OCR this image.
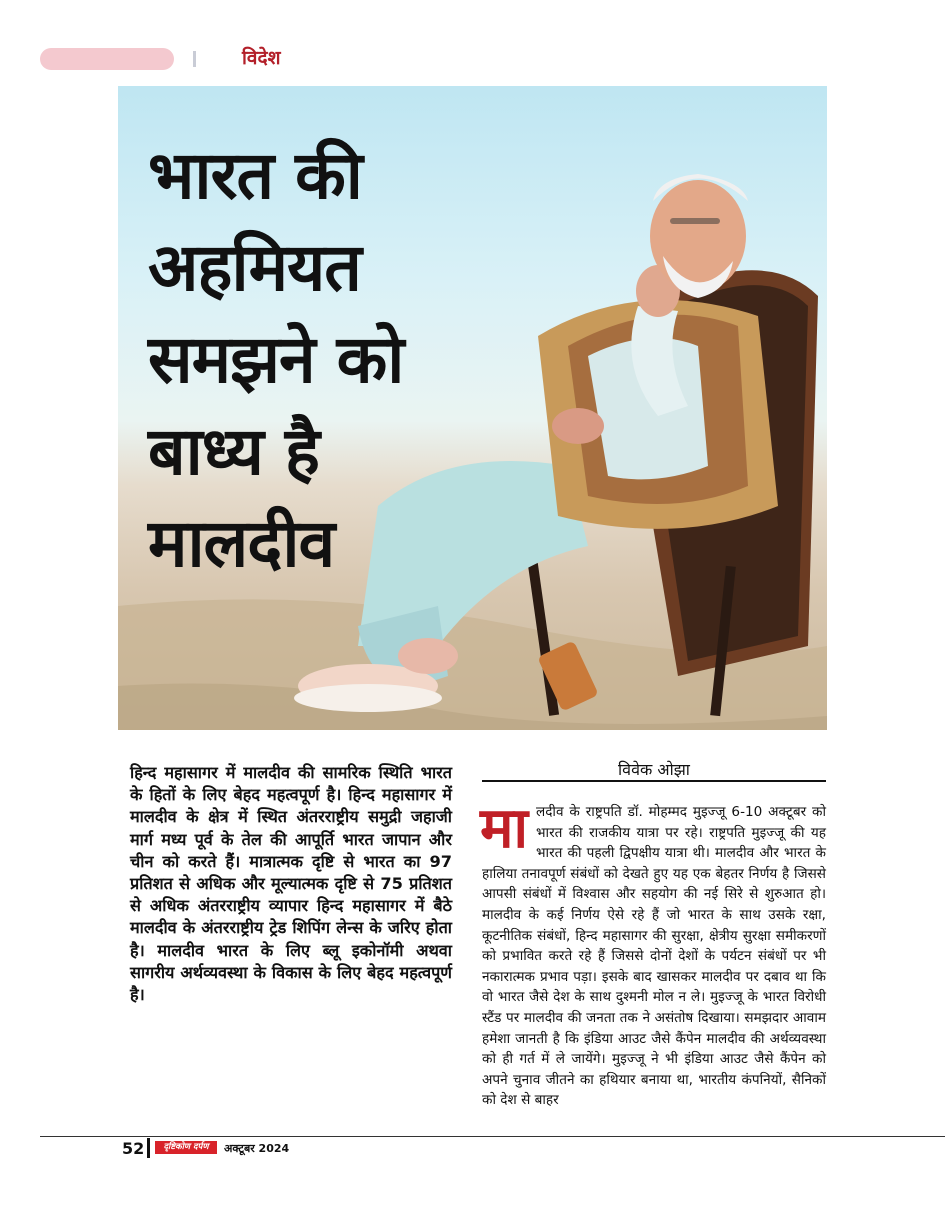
विदेश
भारत की
अहमियत
समझने को
बाध्य है
मालदीव

हिन्द महासागर में मालदीव की सामरिक स्थिति भारत के हितों के लिए बेहद महत्वपूर्ण है। हिन्द महासागर में मालदीव के क्षेत्र में स्थित अंतरराष्ट्रीय समुद्री जहाजी मार्ग मध्य पूर्व के तेल की आपूर्ति भारत जापान और चीन को करते हैं। मात्रात्मक दृष्टि से भारत का 97 प्रतिशत से अधिक और मूल्यात्मक दृष्टि से 75 प्रतिशत से अधिक अंतरराष्ट्रीय व्यापार हिन्द महासागर में बैठे मालदीव के अंतरराष्ट्रीय ट्रेड शिपिंग लेन्स के जरिए होता है। मालदीव भारत के लिए ब्लू इकोनॉमी अथवा सागरीय अर्थव्यवस्था के विकास के लिए बेहद महत्वपूर्ण है।

विवेक ओझा

मालदीव के राष्ट्रपति डॉ. मोहम्मद मुइज्जू 6-10 अक्टूबर को भारत की राजकीय यात्रा पर रहे। राष्ट्रपति मुइज्जू की यह भारत की पहली द्विपक्षीय यात्रा थी। मालदीव और भारत के हालिया तनावपूर्ण संबंधों को देखते हुए यह एक बेहतर निर्णय है जिससे आपसी संबंधों में विश्वास और सहयोग की नई सिरे से शुरुआत हो। मालदीव के कई निर्णय ऐसे रहे हैं जो भारत के साथ उसके रक्षा, कूटनीतिक संबंधों, हिन्द महासागर की सुरक्षा, क्षेत्रीय सुरक्षा समीकरणों को प्रभावित करते रहे हैं जिससे दोनों देशों के पर्यटन संबंधों पर भी नकारात्मक प्रभाव पड़ा। इसके बाद खासकर मालदीव पर दबाव था कि वो भारत जैसे देश के साथ दुश्मनी मोल न ले। मुइज्जू के भारत विरोधी स्टैंड पर मालदीव की जनता तक ने असंतोष दिखाया। समझदार आवाम हमेशा जानती है कि इंडिया आउट जैसे कैंपेन मालदीव की अर्थव्यवस्था को ही गर्त में ले जायेंगे। मुइज्जू ने भी इंडिया आउट जैसे कैंपेन को अपने चुनाव जीतने का हथियार बनाया था, भारतीय कंपनियों, सैनिकों को देश से बाहर

52	दृष्टिकोण दर्पण	अक्टूबर 2024
